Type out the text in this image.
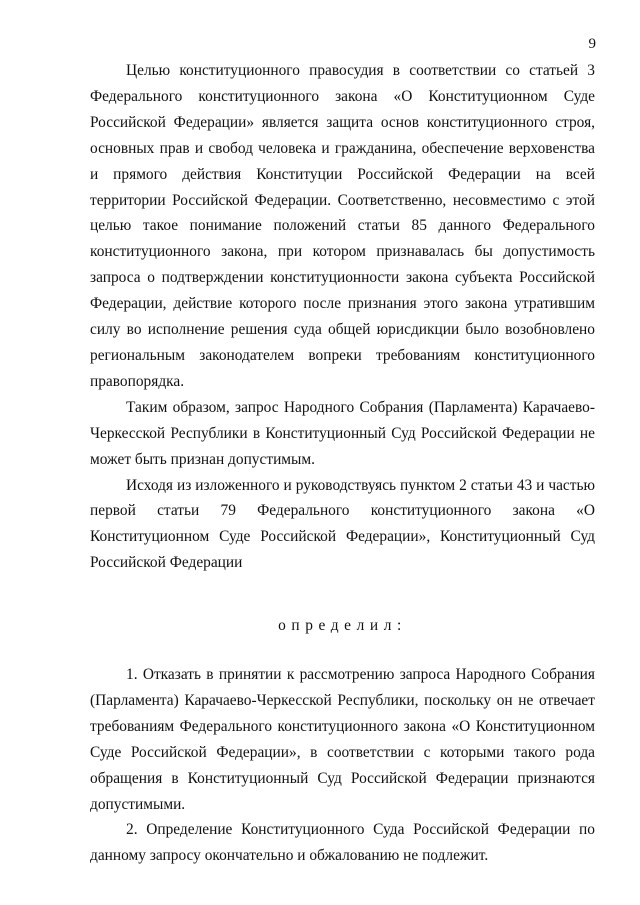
9

Целью конституционного правосудия в соответствии со статьей 3 Федерального конституционного закона «О Конституционном Суде Российской Федерации» является защита основ конституционного строя, основных прав и свобод человека и гражданина, обеспечение верховенства и прямого действия Конституции Российской Федерации на всей территории Российской Федерации. Соответственно, несовместимо с этой целью такое понимание положений статьи 85 данного Федерального конституционного закона, при котором признавалась бы допустимость запроса о подтверждении конституционности закона субъекта Российской Федерации, действие которого после признания этого закона утратившим силу во исполнение решения суда общей юрисдикции было возобновлено региональным законодателем вопреки требованиям конституционного правопорядка.

Таким образом, запрос Народного Собрания (Парламента) Карачаево-Черкесской Республики в Конституционный Суд Российской Федерации не может быть признан допустимым.

Исходя из изложенного и руководствуясь пунктом 2 статьи 43 и частью первой статьи 79 Федерального конституционного закона «О Конституционном Суде Российской Федерации», Конституционный Суд Российской Федерации

определил:

1. Отказать в принятии к рассмотрению запроса Народного Собрания (Парламента) Карачаево-Черкесской Республики, поскольку он не отвечает требованиям Федерального конституционного закона «О Конституционном Суде Российской Федерации», в соответствии с которыми такого рода обращения в Конституционный Суд Российской Федерации признаются допустимыми.

2. Определение Конституционного Суда Российской Федерации по данному запросу окончательно и обжалованию не подлежит.
